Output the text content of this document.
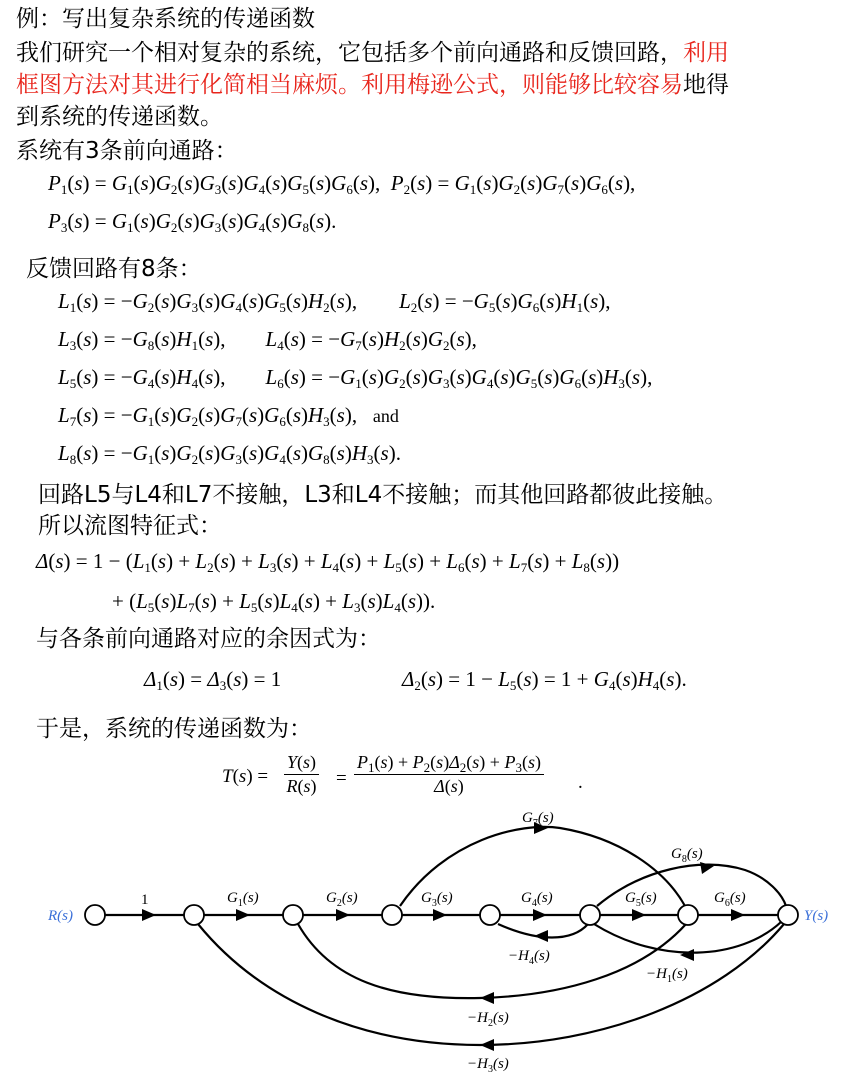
例：写出复杂系统的传递函数
我们研究一个相对复杂的系统，它包括多个前向通路和反馈回路，利用
框图方法对其进行化简相当麻烦。利用梅逊公式，则能够比较容易地得
到系统的传递函数。
系统有3条前向通路：
$P_1(s) = G_1(s)G_2(s)G_3(s)G_4(s)G_5(s)G_6(s)$,  $P_2(s) = G_1(s)G_2(s)G_7(s)G_6(s)$,
$P_3(s) = G_1(s)G_2(s)G_3(s)G_4(s)G_8(s)$.
反馈回路有8条：
$L_1(s) = -G_2(s)G_3(s)G_4(s)G_5(s)H_2(s)$, $L_2(s) = -G_5(s)G_6(s)H_1(s)$,
$L_3(s) = -G_8(s)H_1(s)$, $L_4(s) = -G_7(s)H_2(s)G_2(s)$,
$L_5(s) = -G_4(s)H_4(s)$, $L_6(s) = -G_1(s)G_2(s)G_3(s)G_4(s)G_5(s)G_6(s)H_3(s)$,
$L_7(s) = -G_1(s)G_2(s)G_7(s)G_6(s)H_3(s)$,   and
$L_8(s) = -G_1(s)G_2(s)G_3(s)G_4(s)G_8(s)H_3(s)$.
回路L5与L4和L7不接触，L3和L4不接触；而其他回路都彼此接触。
所以流图特征式：
$\Delta(s) = 1 - (L_1(s) + L_2(s) + L_3(s) + L_4(s) + L_5(s) + L_6(s) + L_7(s) + L_8(s))$
+ $(L_5(s)L_7(s) + L_5(s)L_4(s) + L_3(s)L_4(s))$.
与各条前向通路对应的余因式为：
$\Delta_1(s) = \Delta_3(s) = 1$	$\Delta_2(s) = 1 - L_5(s) = 1 + G_4(s)H_4(s)$.
于是，系统的传递函数为：
$T(s) = \frac{Y(s)}{R(s)} = \frac{P_1(s) + P_2(s)\Delta_2(s) + P_3(s)}{\Delta(s)}$ .
R(s)	Y(s)
1	$G_1(s)$	$G_2(s)$	$G_3(s)$	$G_4(s)$	$G_5(s)$	$G_6(s)$
$G_7(s)$
$G_8(s)$
$-H_4(s)$
$-H_1(s)$
$-H_2(s)$
$-H_3(s)$
